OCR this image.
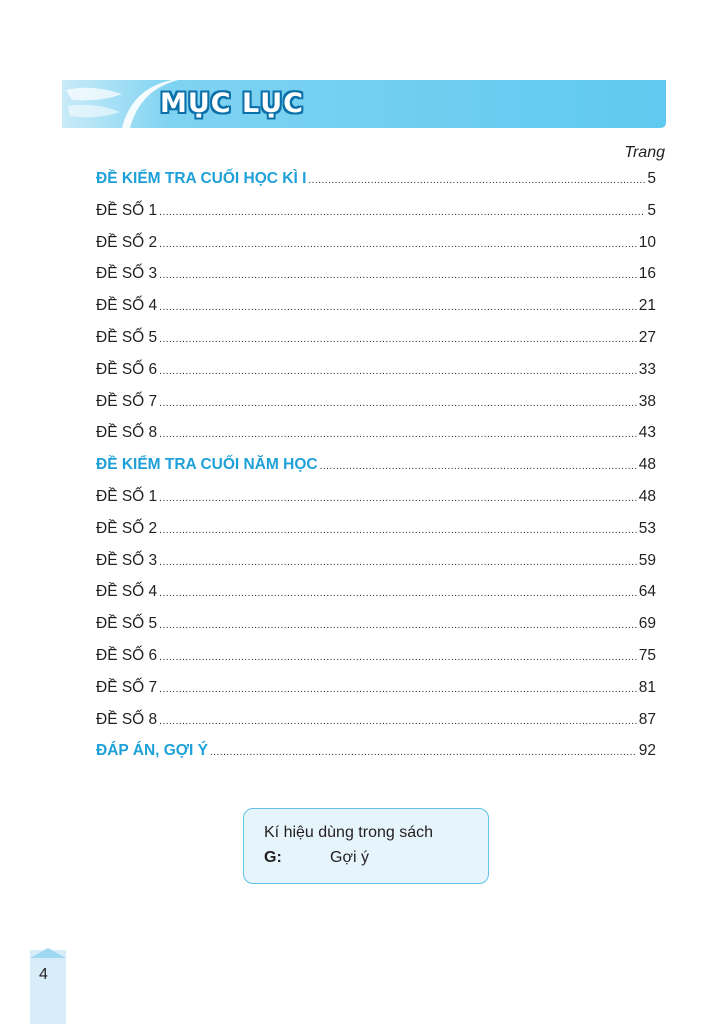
MỤC LỤC
Trang
ĐỀ KIỂM TRA CUỐI HỌC KÌ I .....	5
ĐỀ SỐ 1 .....	5
ĐỀ SỐ 2 .....	10
ĐỀ SỐ 3 .....	16
ĐỀ SỐ 4 .....	21
ĐỀ SỐ 5 .....	27
ĐỀ SỐ 6 .....	33
ĐỀ SỐ 7 .....	38
ĐỀ SỐ 8 .....	43
ĐỀ KIỂM TRA CUỐI NĂM HỌC .....	48
ĐỀ SỐ 1 .....	48
ĐỀ SỐ 2 .....	53
ĐỀ SỐ 3 .....	59
ĐỀ SỐ 4 .....	64
ĐỀ SỐ 5 .....	69
ĐỀ SỐ 6 .....	75
ĐỀ SỐ 7 .....	81
ĐỀ SỐ 8 .....	87
ĐÁP ÁN, GỢI Ý .....	92
Kí hiệu dùng trong sách
G:	Gợi ý
4
